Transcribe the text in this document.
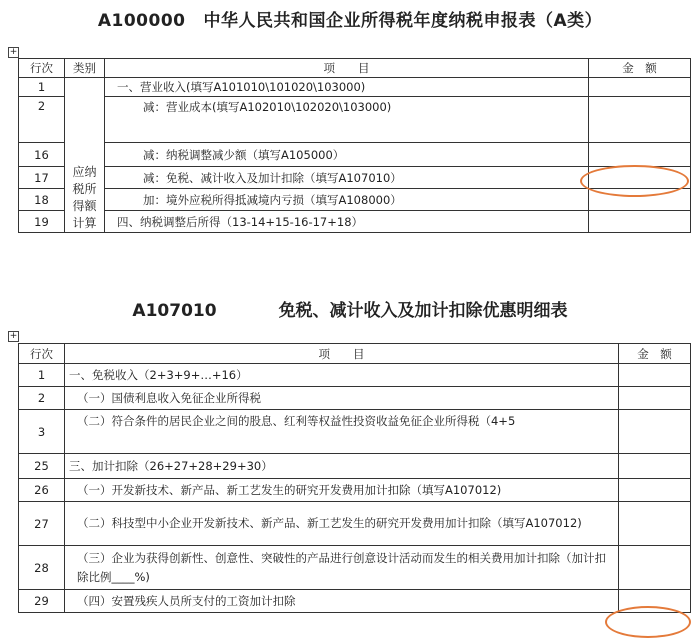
A100000 中华人民共和国企业所得税年度纳税申报表（A类）
+
行次	类别	项　　目	金　额
1	应纳税所得额计算	一、营业收入(填写A101010\101020\103000)	
2		减：营业成本(填写A102010\102020\103000)	
16		减：纳税调整减少额（填写A105000）	
17		减：免税、减计收入及加计扣除（填写A107010）	
18		加：境外应税所得抵减境内亏损（填写A108000）	
19		四、纳税调整后所得（13-14+15-16-17+18）	
A107010	免税、减计收入及加计扣除优惠明细表
+
行次	项　　目	金　额
1	一、免税收入（2+3+9+…+16）	
2	（一）国债利息收入免征企业所得税	
3	（二）符合条件的居民企业之间的股息、红利等权益性投资收益免征企业所得税（4+5	
25	三、加计扣除（26+27+28+29+30）	
26	（一）开发新技术、新产品、新工艺发生的研究开发费用加计扣除（填写A107012)	
27	（二）科技型中小企业开发新技术、新产品、新工艺发生的研究开发费用加计扣除（填写A107012)	
28	（三）企业为获得创新性、创意性、突破性的产品进行创意设计活动而发生的相关费用加计扣除（加计扣除比例____%)	
29	（四）安置残疾人员所支付的工资加计扣除	
